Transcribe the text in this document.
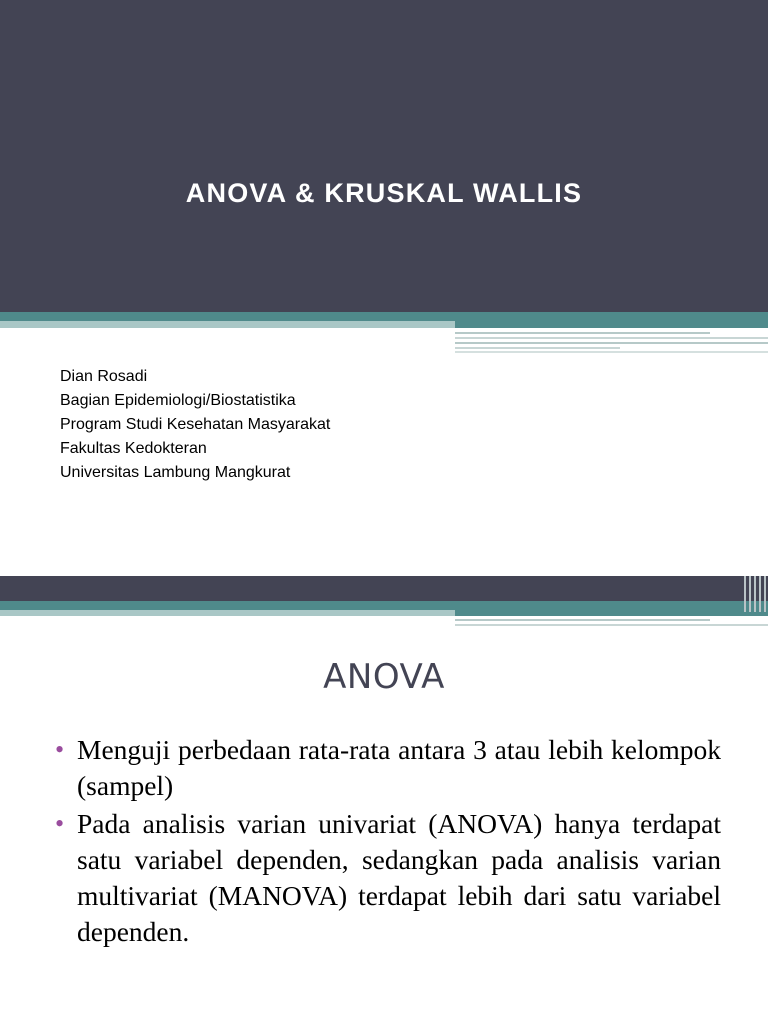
ANOVA & KRUSKAL WALLIS
Dian Rosadi
Bagian Epidemiologi/Biostatistika
Program Studi Kesehatan Masyarakat
Fakultas Kedokteran
Universitas Lambung Mangkurat
ANOVA
• Menguji perbedaan rata-rata antara 3 atau lebih kelompok (sampel)
• Pada analisis varian univariat (ANOVA) hanya terdapat satu variabel dependen, sedangkan pada analisis varian multivariat (MANOVA) terdapat lebih dari satu variabel dependen.
